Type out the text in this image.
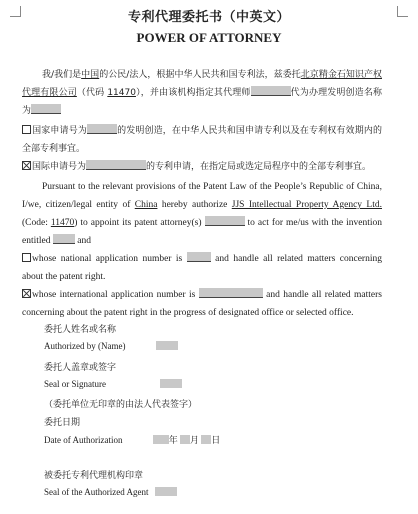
专利代理委托书（中英文）
POWER OF ATTORNEY
我/我们是中国的公民/法人，根据中华人民共和国专利法，兹委托北京精金石知识产权代理有限公司（代码 11470），并由该机构指定其代理师	代为办理发明创造名称为
国家申请号为	的发明创造，在中华人民共和国申请专利以及在专利权有效期内的全部专利事宜。
国际申请号为	的专利申请，在指定局或选定局程序中的全部专利事宜。
Pursuant to the relevant provisions of the Patent Law of the People’s Republic of China, I/we, citizen/legal entity of China hereby authorize JJS Intellectual Property Agency Ltd. (Code: 11470) to appoint its patent attorney(s)	to act for me/us with the invention entitled  and
whose national application number is	and handle all related matters concerning about the patent right.
whose international application number is	and handle all related matters concerning about the patent right in the progress of designated office or selected office.
委托人姓名或名称
Authorized by (Name)
委托人盖章或签字
Seal or Signature
（委托单位无印章的由法人代表签字）
委托日期
Date of Authorization	年 月 日
被委托专利代理机构印章
Seal of the Authorized Agent
